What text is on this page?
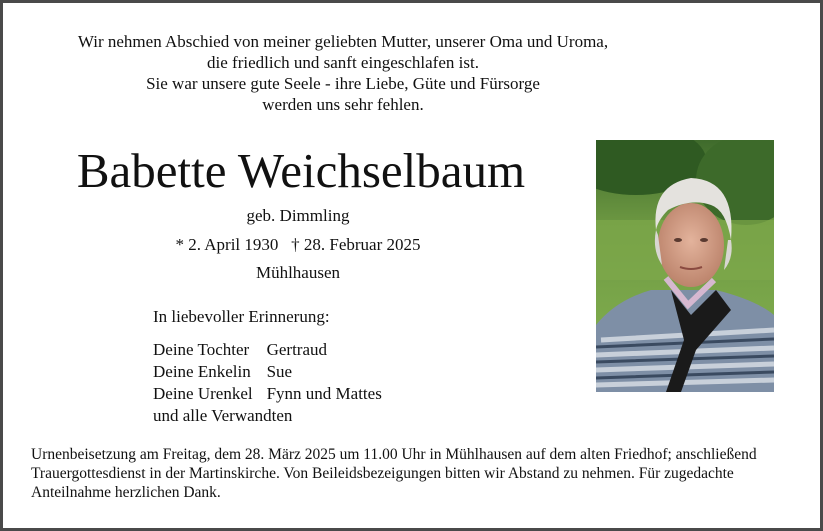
Wir nehmen Abschied von meiner geliebten Mutter, unserer Oma und Uroma,
die friedlich und sanft eingeschlafen ist.
Sie war unsere gute Seele - ihre Liebe, Güte und Fürsorge
werden uns sehr fehlen.
Babette Weichselbaum
geb. Dimmling
* 2. April 1930   † 28. Februar 2025
Mühlhausen
In liebevoller Erinnerung:
Deine Tochter	Gertraud
Deine Enkelin	Sue
Deine Urenkel	Fynn und Mattes
und alle Verwandten	
Urnenbeisetzung am Freitag, dem 28. März 2025 um 11.00 Uhr in Mühlhausen auf dem alten Friedhof; anschließend Trauergottesdienst in der Martinskirche. Von Beileidsbezeigungen bitten wir Abstand zu nehmen. Für zugedachte Anteilnahme herzlichen Dank.
